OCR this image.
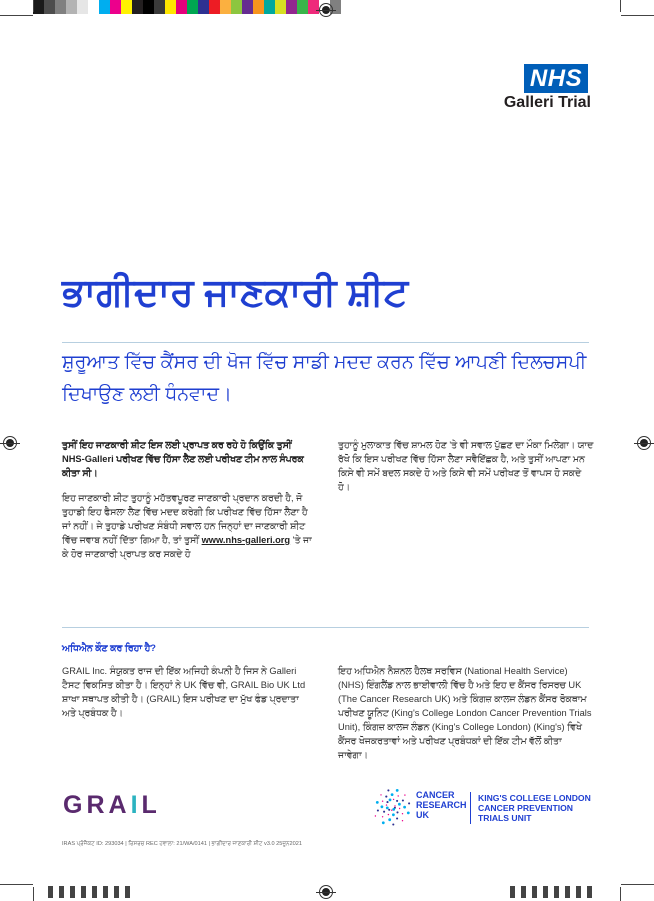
NHS
Galleri Trial
ਭਾਗੀਦਾਰ ਜਾਣਕਾਰੀ ਸ਼ੀਟ
ਸ਼ੁਰੂਆਤ ਵਿੱਚ ਕੈਂਸਰ ਦੀ ਖੋਜ ਵਿੱਚ ਸਾਡੀ ਮਦਦ ਕਰਨ ਵਿੱਚ ਆਪਣੀ ਦਿਲਚਸਪੀ ਦਿਖਾਉਣ ਲਈ ਧੰਨਵਾਦ।

ਤੁਸੀਂ ਇਹ ਜਾਣਕਾਰੀ ਸ਼ੀਟ ਇਸ ਲਈ ਪ੍ਰਾਪਤ ਕਰ ਰਹੇ ਹੋ ਕਿਉਂਕਿ ਤੁਸੀਂ NHS-Galleri ਪਰੀਖਣ ਵਿੱਚ ਹਿੱਸਾ ਲੈਣ ਲਈ ਪਰੀਖਣ ਟੀਮ ਨਾਲ ਸੰਪਰਕ ਕੀਤਾ ਸੀ।

ਇਹ ਜਾਣਕਾਰੀ ਸ਼ੀਟ ਤੁਹਾਨੂੰ ਮਹੱਤਵਪੂਰਣ ਜਾਣਕਾਰੀ ਪ੍ਰਦਾਨ ਕਰਦੀ ਹੈ, ਜੋ ਤੁਹਾਡੀ ਇਹ ਫੈਸਲਾ ਲੈਣ ਵਿੱਚ ਮਦਦ ਕਰੇਗੀ ਕਿ ਪਰੀਖਣ ਵਿੱਚ ਹਿੱਸਾ ਲੈਣਾ ਹੈ ਜਾਂ ਨਹੀਂ। ਜੇ ਤੁਹਾਡੇ ਪਰੀਖਣ ਸੰਬੰਧੀ ਸਵਾਲ ਹਨ ਜਿਨ੍ਹਾਂ ਦਾ ਜਾਣਕਾਰੀ ਸ਼ੀਟ ਵਿੱਚ ਜਵਾਬ ਨਹੀਂ ਦਿੱਤਾ ਗਿਆ ਹੈ, ਤਾਂ ਤੁਸੀਂ www.nhs-galleri.org 'ਤੇ ਜਾ ਕੇ ਹੋਰ ਜਾਣਕਾਰੀ ਪ੍ਰਾਪਤ ਕਰ ਸਕਦੇ ਹੋ

ਤੁਹਾਨੂੰ ਮੁਲਾਕਾਤ ਵਿੱਚ ਸ਼ਾਮਲ ਹੋਣ 'ਤੇ ਵੀ ਸਵਾਲ ਪੁੱਛਣ ਦਾ ਮੌਕਾ ਮਿਲੇਗਾ। ਯਾਦ ਰੱਖੋ ਕਿ ਇਸ ਪਰੀਖਣ ਵਿੱਚ ਹਿੱਸਾ ਲੈਣਾ ਸਵੈਇੱਛਕ ਹੈ, ਅਤੇ ਤੁਸੀਂ ਆਪਣਾ ਮਨ ਕਿਸੇ ਵੀ ਸਮੇਂ ਬਦਲ ਸਕਦੇ ਹੋ ਅਤੇ ਕਿਸੇ ਵੀ ਸਮੇਂ ਪਰੀਖਣ ਤੋਂ ਵਾਪਸ ਹੋ ਸਕਦੇ ਹੋ।

ਅਧਿਐਨ ਕੌਣ ਕਰ ਰਿਹਾ ਹੈ?

GRAIL Inc. ਸੰਯੁਕਤ ਰਾਜ ਦੀ ਇੱਕ ਅਜਿਹੀ ਕੰਪਨੀ ਹੈ ਜਿਸ ਨੇ Galleri ਟੈਸਟ ਵਿਕਸਿਤ ਕੀਤਾ ਹੈ। ਇਨ੍ਹਾਂ ਨੇ UK ਵਿੱਚ ਵੀ, GRAIL Bio UK Ltd ਸ਼ਾਖਾ ਸਥਾਪਤ ਕੀਤੀ ਹੈ। (GRAIL) ਇਸ ਪਰੀਖਣ ਦਾ ਮੁੱਖ ਫੰਡ ਪ੍ਰਦਾਤਾ ਅਤੇ ਪ੍ਰਬੰਧਕ ਹੈ।

ਇਹ ਅਧਿਐਨ ਨੈਸ਼ਨਲ ਹੈਲਥ ਸਰਵਿਸ (National Health Service) (NHS) ਇੰਗਲੈਂਡ ਨਾਲ ਭਾਈਵਾਲੀ ਵਿੱਚ ਹੈ ਅਤੇ ਇਹ ਦ ਕੈਂਸਰ ਰਿਸਰਚ UK (The Cancer Research UK) ਅਤੇ ਕਿੰਗਜ਼ ਕਾਲਜ ਲੰਡਨ ਕੈਂਸਰ ਰੋਕਥਾਮ ਪਰੀਖਣ ਯੂਨਿਟ (King's College London Cancer Prevention Trials Unit), ਕਿੰਗਜ਼ ਕਾਲਜ ਲੰਡਨ (King's College London) (King's) ਵਿਖੇ ਕੈਂਸਰ ਖੋਜਕਰਤਾਵਾਂ ਅਤੇ ਪਰੀਖਣ ਪ੍ਰਬੰਧਕਾਂ ਦੀ ਇੱਕ ਟੀਮ ਵੱਲੋਂ ਕੀਤਾ ਜਾਵੇਗਾ।

GRAIL	CANCER
RESEARCH
UK
KING'S COLLEGE LONDON
CANCER PREVENTION
TRIALS UNIT
IRAS ਪ੍ਰੋਜੈਕਟ ID: 293034 | ਰਿਸਰਚ REC ਹਵਾਲਾ: 21/WA/0141 | ਭਾਗੀਦਾਰ ਜਾਣਕਾਰੀ ਸ਼ੀਟ v3.0 25ਜੂਨ2021
